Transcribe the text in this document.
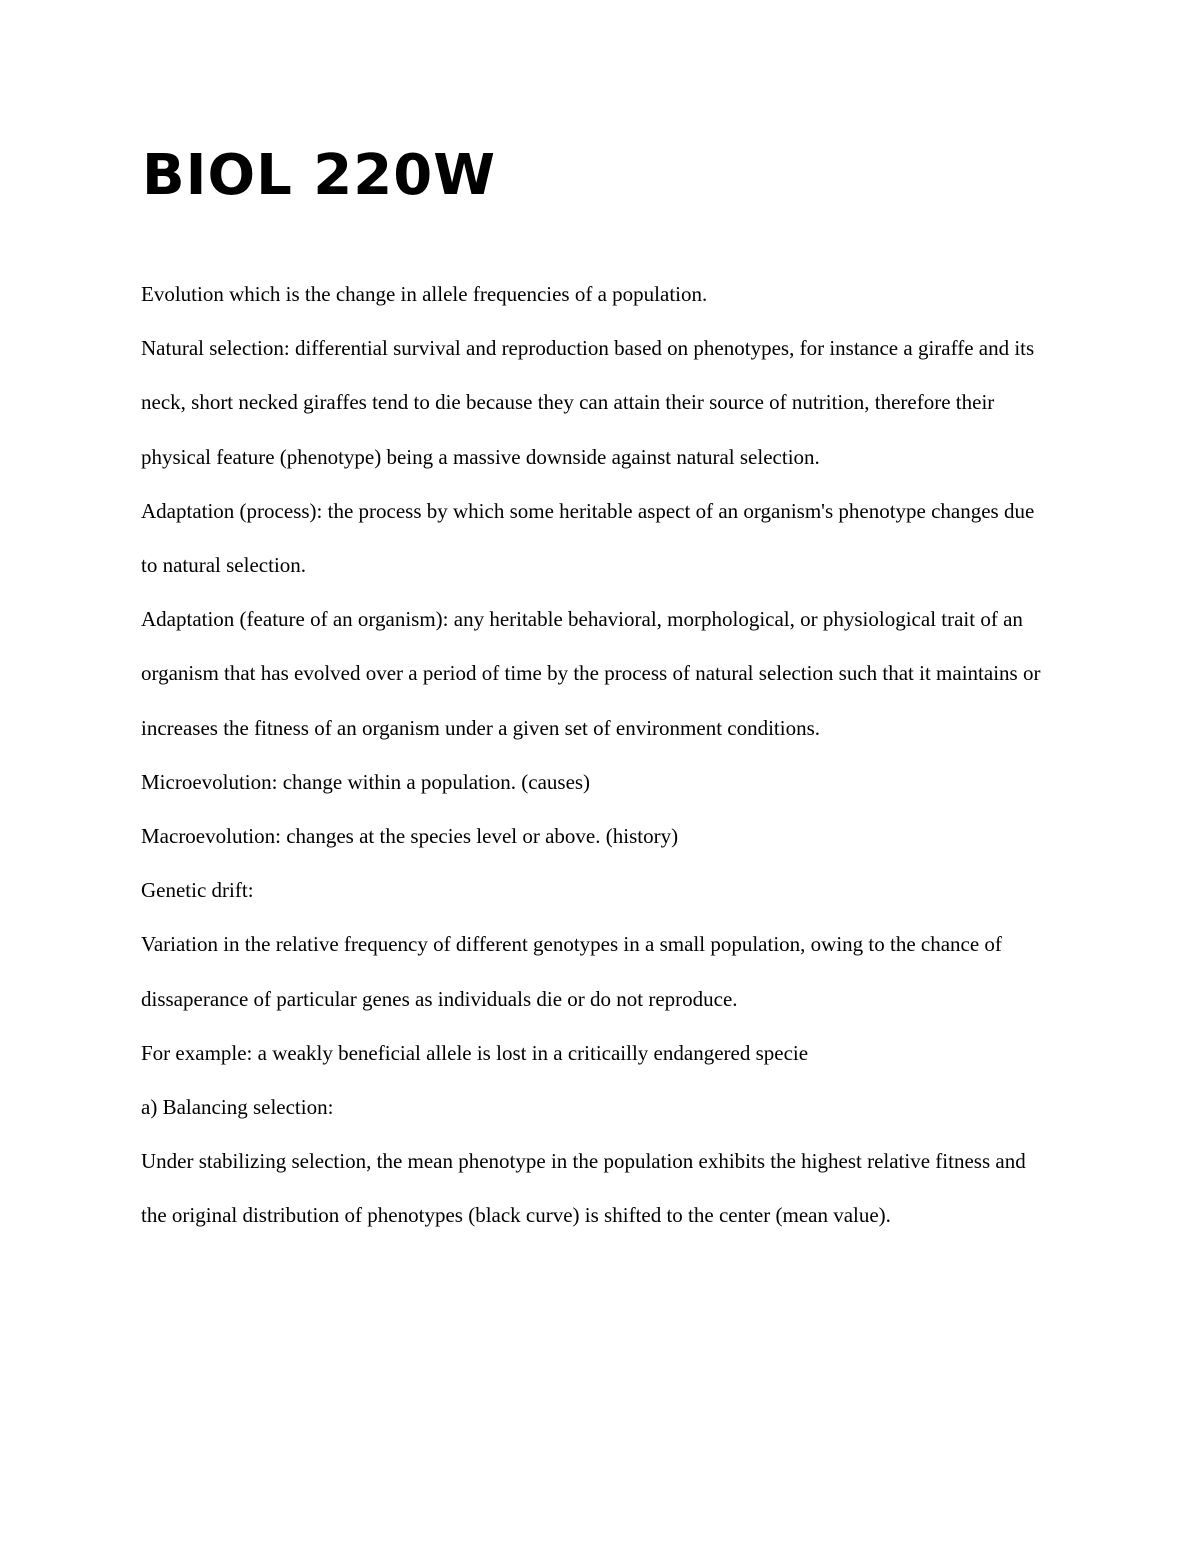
BIOL 220W

Evolution which is the change in allele frequencies of a population.

Natural selection: differential survival and reproduction based on phenotypes, for instance a giraffe and its neck, short necked giraffes tend to die because they can attain their source of nutrition, therefore their physical feature (phenotype) being a massive downside against natural selection.

Adaptation (process): the process by which some heritable aspect of an organism's phenotype changes due to natural selection.

Adaptation (feature of an organism): any heritable behavioral, morphological, or physiological trait of an organism that has evolved over a period of time by the process of natural selection such that it maintains or increases the fitness of an organism under a given set of environment conditions.

Microevolution: change within a population. (causes)

Macroevolution: changes at the species level or above. (history)

Genetic drift:

Variation in the relative frequency of different genotypes in a small population, owing to the chance of dissaperance of particular genes as individuals die or do not reproduce.

For example: a weakly beneficial allele is lost in a criticailly endangered specie

a) Balancing selection:

Under stabilizing selection, the mean phenotype in the population exhibits the highest relative fitness and the original distribution of phenotypes (black curve) is shifted to the center (mean value).
